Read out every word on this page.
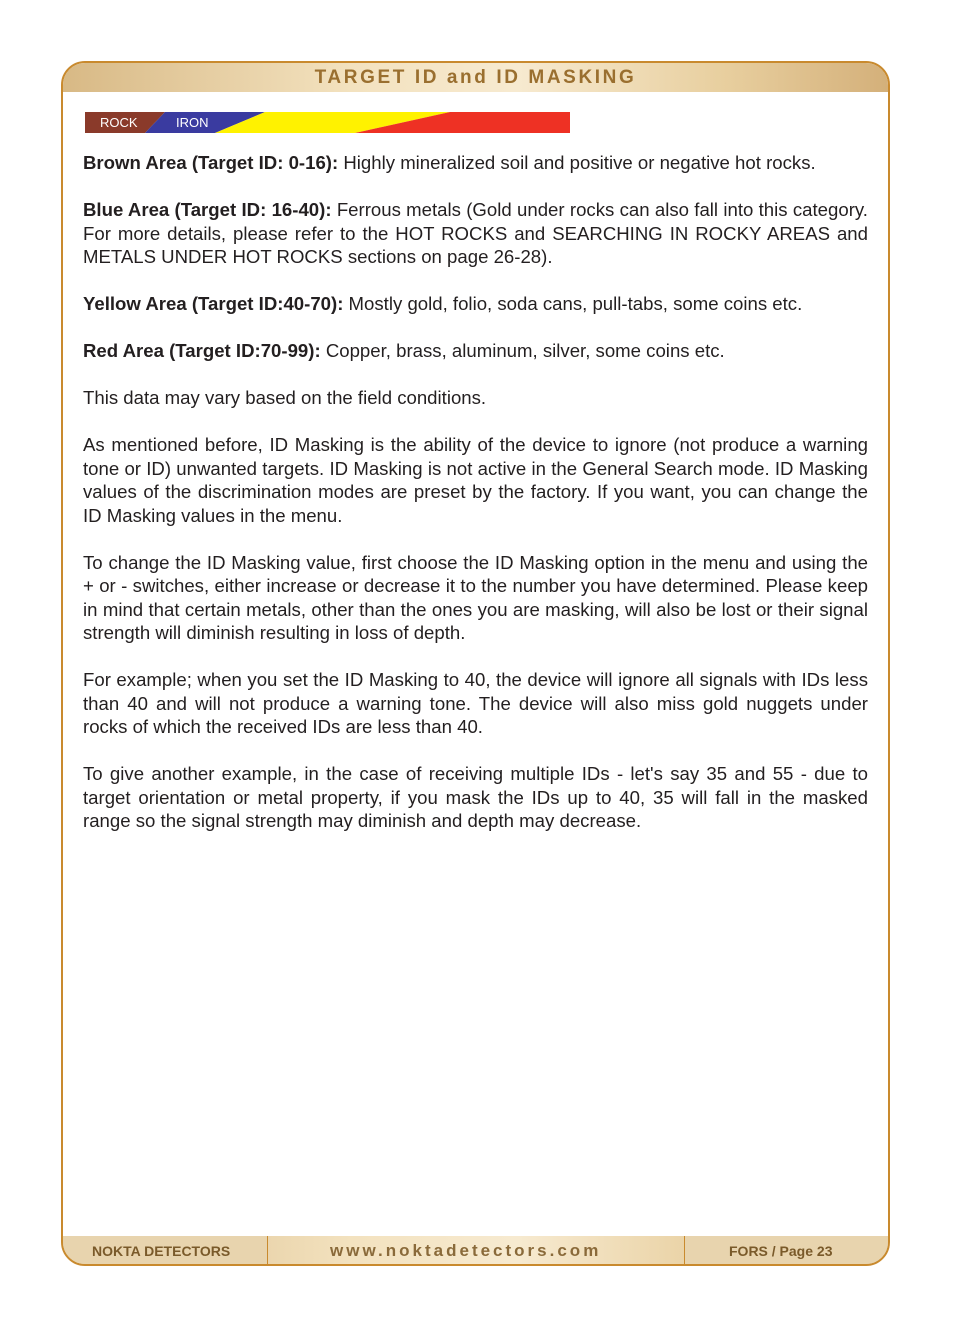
TARGET ID and ID MASKING
ROCK	IRON

Brown Area (Target ID: 0-16): Highly mineralized soil and positive or negative hot rocks.

Blue Area (Target ID: 16-40): Ferrous metals (Gold under rocks can also fall into this category. For more details, please refer to the HOT ROCKS and SEARCHING IN ROCKY AREAS and METALS UNDER HOT ROCKS sections on page 26-28).

Yellow Area (Target ID:40-70): Mostly gold, folio, soda cans, pull-tabs, some coins etc.

Red Area (Target ID:70-99): Copper, brass, aluminum, silver, some coins etc.

This data may vary based on the field conditions.

As mentioned before, ID Masking is the ability of the device to ignore (not produce a warning tone or ID) unwanted targets. ID Masking is not active in the General Search mode. ID Masking values of the discrimination modes are preset by the factory. If you want, you can change the ID Masking values in the menu.

To change the ID Masking value, first choose the ID Masking option in the menu and using the + or - switches, either increase or decrease it to the number you have determined. Please keep in mind that certain metals, other than the ones you are masking, will also be lost or their signal strength will diminish resulting in loss of depth.

For example; when you set the ID Masking to 40, the device will ignore all signals with IDs less than 40 and will not produce a warning tone. The device will also miss gold nuggets under rocks of which the received IDs are less than 40.

To give another example, in the case of receiving multiple IDs - let's say 35 and 55 - due to target orientation or metal property, if you mask the IDs up to 40, 35 will fall in the masked range so the signal strength may diminish and depth may decrease.

NOKTA DETECTORS	www.noktadetectors.com	FORS / Page 23
